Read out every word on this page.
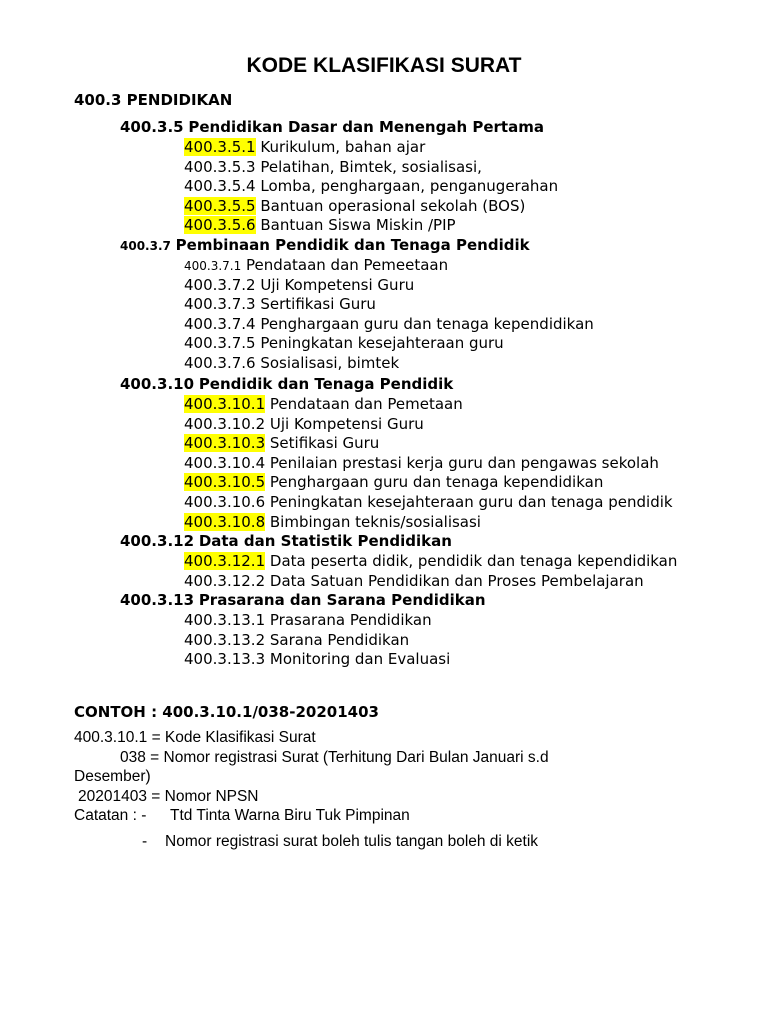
KODE KLASIFIKASI SURAT
400.3 PENDIDIKAN
400.3.5 Pendidikan Dasar dan Menengah Pertama
400.3.5.1 Kurikulum, bahan ajar
400.3.5.3 Pelatihan, Bimtek, sosialisasi,
400.3.5.4 Lomba, penghargaan, penganugerahan
400.3.5.5 Bantuan operasional sekolah (BOS)
400.3.5.6 Bantuan Siswa Miskin /PIP
400.3.7 Pembinaan Pendidik dan Tenaga Pendidik
400.3.7.1 Pendataan dan Pemeetaan
400.3.7.2 Uji Kompetensi Guru
400.3.7.3 Sertifikasi Guru
400.3.7.4 Penghargaan guru dan tenaga kependidikan
400.3.7.5 Peningkatan kesejahteraan guru
400.3.7.6 Sosialisasi, bimtek
400.3.10 Pendidik dan Tenaga Pendidik
400.3.10.1 Pendataan dan Pemetaan
400.3.10.2 Uji Kompetensi Guru
400.3.10.3 Setifikasi Guru
400.3.10.4 Penilaian prestasi kerja guru dan pengawas sekolah
400.3.10.5 Penghargaan guru dan tenaga kependidikan
400.3.10.6 Peningkatan kesejahteraan guru dan tenaga pendidik
400.3.10.8 Bimbingan teknis/sosialisasi
400.3.12 Data dan Statistik Pendidikan
400.3.12.1 Data peserta didik, pendidik dan tenaga kependidikan
400.3.12.2 Data Satuan Pendidikan dan Proses Pembelajaran
400.3.13 Prasarana dan Sarana Pendidikan
400.3.13.1 Prasarana Pendidikan
400.3.13.2 Sarana Pendidikan
400.3.13.3 Monitoring dan Evaluasi
CONTOH : 400.3.10.1/038-20201403
400.3.10.1 = Kode Klasifikasi Surat
038 = Nomor registrasi Surat (Terhitung Dari Bulan Januari s.d
Desember)
20201403 = Nomor NPSN
Catatan : - Ttd Tinta Warna Biru Tuk Pimpinan
- Nomor registrasi surat boleh tulis tangan boleh di ketik
